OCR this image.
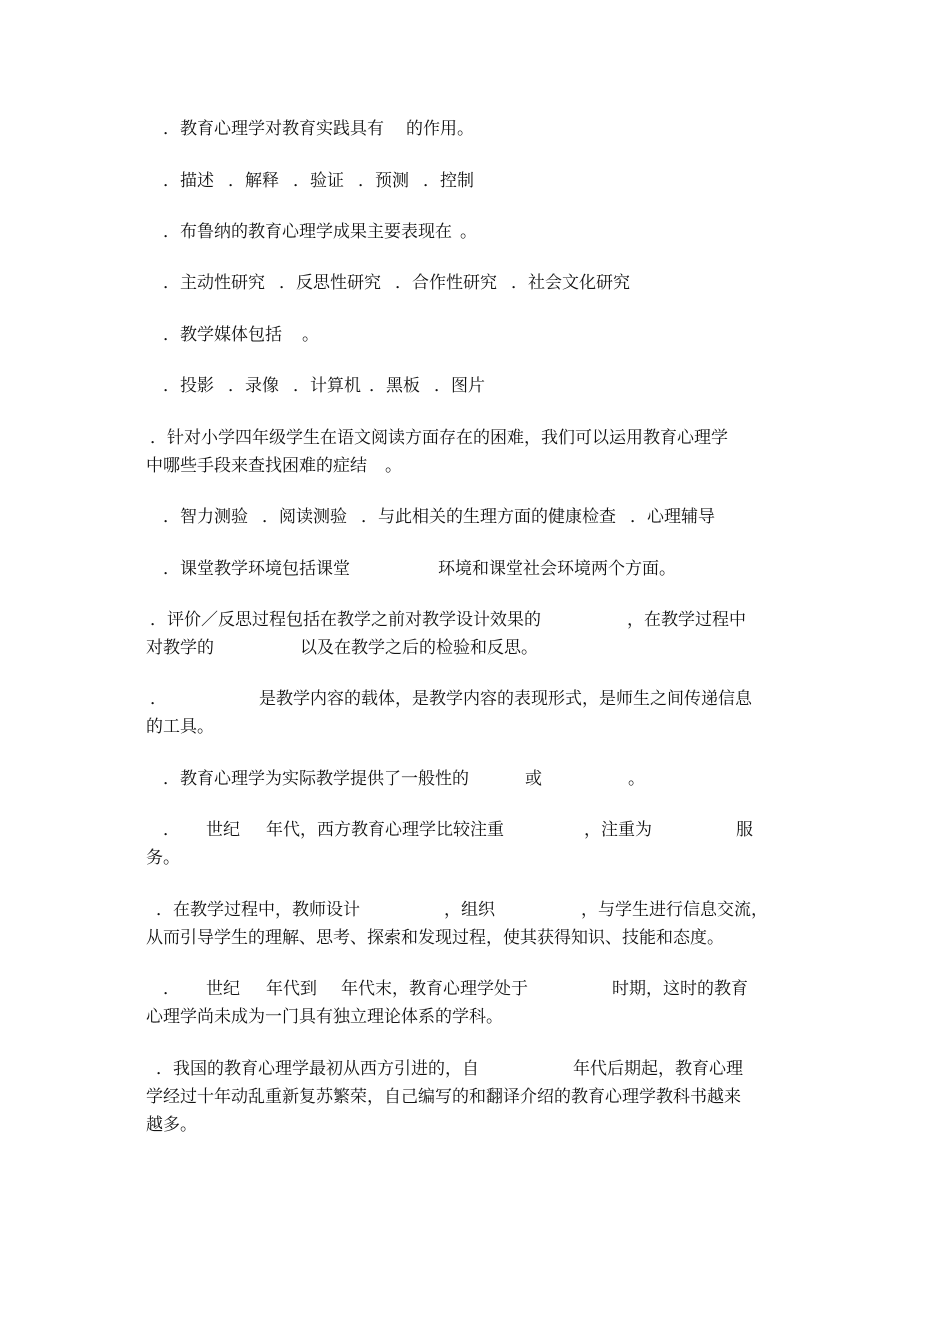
．教育心理学对教育实践具有 的作用。
．描述 ．解释 ．验证 ．预测 ．控制
．布鲁纳的教育心理学成果主要表现在 。
．主动性研究 ．反思性研究 ．合作性研究 ．社会文化研究
．教学媒体包括 。
．投影 ．录像 ．计算机 ．黑板 ．图片
．针对小学四年级学生在语文阅读方面存在的困难，我们可以运用教育心理学
中哪些手段来查找困难的症结 。
．智力测验 ．阅读测验 ．与此相关的生理方面的健康检查 ．心理辅导
．课堂教学环境包括课堂	环境和课堂社会环境两个方面。
．评价／反思过程包括在教学之前对教学设计效果的	，在教学过程中
对教学的	以及在教学之后的检验和反思。
．	是教学内容的载体，是教学内容的表现形式，是师生之间传递信息
的工具。
．教育心理学为实际教学提供了一般性的	或	。
． 世纪 年代，西方教育心理学比较注重	，注重为	服
务。
．在教学过程中，教师设计	，组织	，与学生进行信息交流，
从而引导学生的理解、思考、探索和发现过程，使其获得知识、技能和态度。
． 世纪 年代到 年代末，教育心理学处于	时期，这时的教育
心理学尚未成为一门具有独立理论体系的学科。
．我国的教育心理学最初从西方引进的，自	年代后期起，教育心理
学经过十年动乱重新复苏繁荣，自己编写的和翻译介绍的教育心理学教科书越来
越多。
